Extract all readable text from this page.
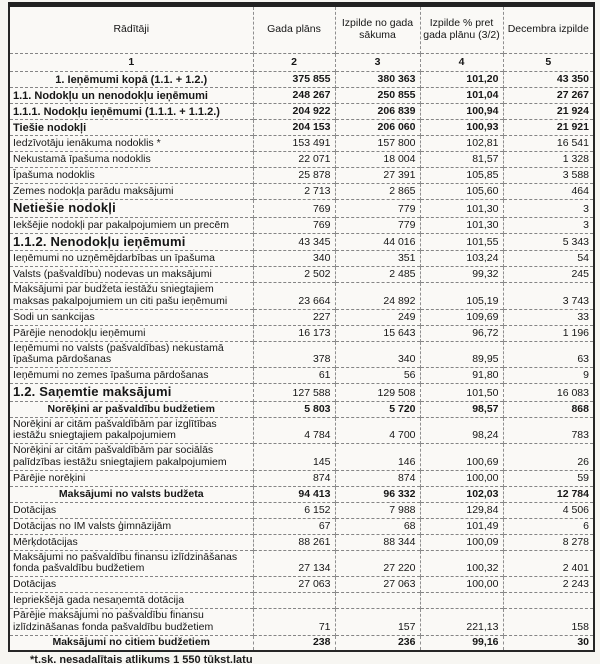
Rādītāji	Gada plāns	Izpilde no gada sākuma	Izpilde % pret gada plānu (3/2)	Decembra izpilde
1	2	3	4	5
1. Ieņēmumi kopā (1.1. + 1.2.)	375 855	380 363	101,20	43 350
1.1. Nodokļu un nenodokļu ieņēmumi	248 267	250 855	101,04	27 267
1.1.1. Nodokļu ieņēmumi (1.1.1. + 1.1.2.)	204 922	206 839	100,94	21 924
Tiešie nodokļi	204 153	206 060	100,93	21 921
Iedzīvotāju ienākuma nodoklis *	153 491	157 800	102,81	16 541
Nekustamā īpašuma nodoklis	22 071	18 004	81,57	1 328
Īpašuma nodoklis	25 878	27 391	105,85	3 588
Zemes nodokļa parādu maksājumi	2 713	2 865	105,60	464
Netiešie nodokļi	769	779	101,30	3
Iekšējie nodokļi par pakalpojumiem un precēm	769	779	101,30	3
1.1.2. Nenodokļu ieņēmumi	43 345	44 016	101,55	5 343
Ieņēmumi no uzņēmējdarbības un īpašuma	340	351	103,24	54
Valsts (pašvaldību) nodevas un maksājumi	2 502	2 485	99,32	245
Maksājumi par budžeta iestāžu sniegtajiem maksas pakalpojumiem un citi pašu ieņēmumi	23 664	24 892	105,19	3 743
Sodi un sankcijas	227	249	109,69	33
Pārējie nenodokļu ieņēmumi	16 173	15 643	96,72	1 196
Ieņēmumi no valsts (pašvaldības) nekustamā īpašuma pārdošanas	378	340	89,95	63
Ieņēmumi no zemes īpašuma pārdošanas	61	56	91,80	9
1.2. Saņemtie maksājumi	127 588	129 508	101,50	16 083
Norēķini ar pašvaldību budžetiem	5 803	5 720	98,57	868
Norēķini ar citām pašvaldībām par izglītības iestāžu sniegtajiem pakalpojumiem	4 784	4 700	98,24	783
Norēķini ar citām pašvaldībām par sociālās palīdzības iestāžu sniegtajiem pakalpojumiem	145	146	100,69	26
Pārējie norēķini	874	874	100,00	59
Maksājumi no valsts budžeta	94 413	96 332	102,03	12 784
Dotācijas	6 152	7 988	129,84	4 506
Dotācijas no IM valsts ģimnāzijām	67	68	101,49	6
Mērķdotācijas	88 261	88 344	100,09	8 278
Maksājumi no pašvaldību finansu izlīdzināšanas fonda pašvaldību budžetiem	27 134	27 220	100,32	2 401
Dotācijas	27 063	27 063	100,00	2 243
Iepriekšējā gada nesaņemtā dotācija				
Pārējie maksājumi no pašvaldību finansu izlīdzināšanas fonda pašvaldību budžetiem	71	157	221,13	158
Maksājumi no citiem budžetiem	238	236	99,16	30
*t.sk. nesadalītais atlikums 1 550 tūkst.latu
